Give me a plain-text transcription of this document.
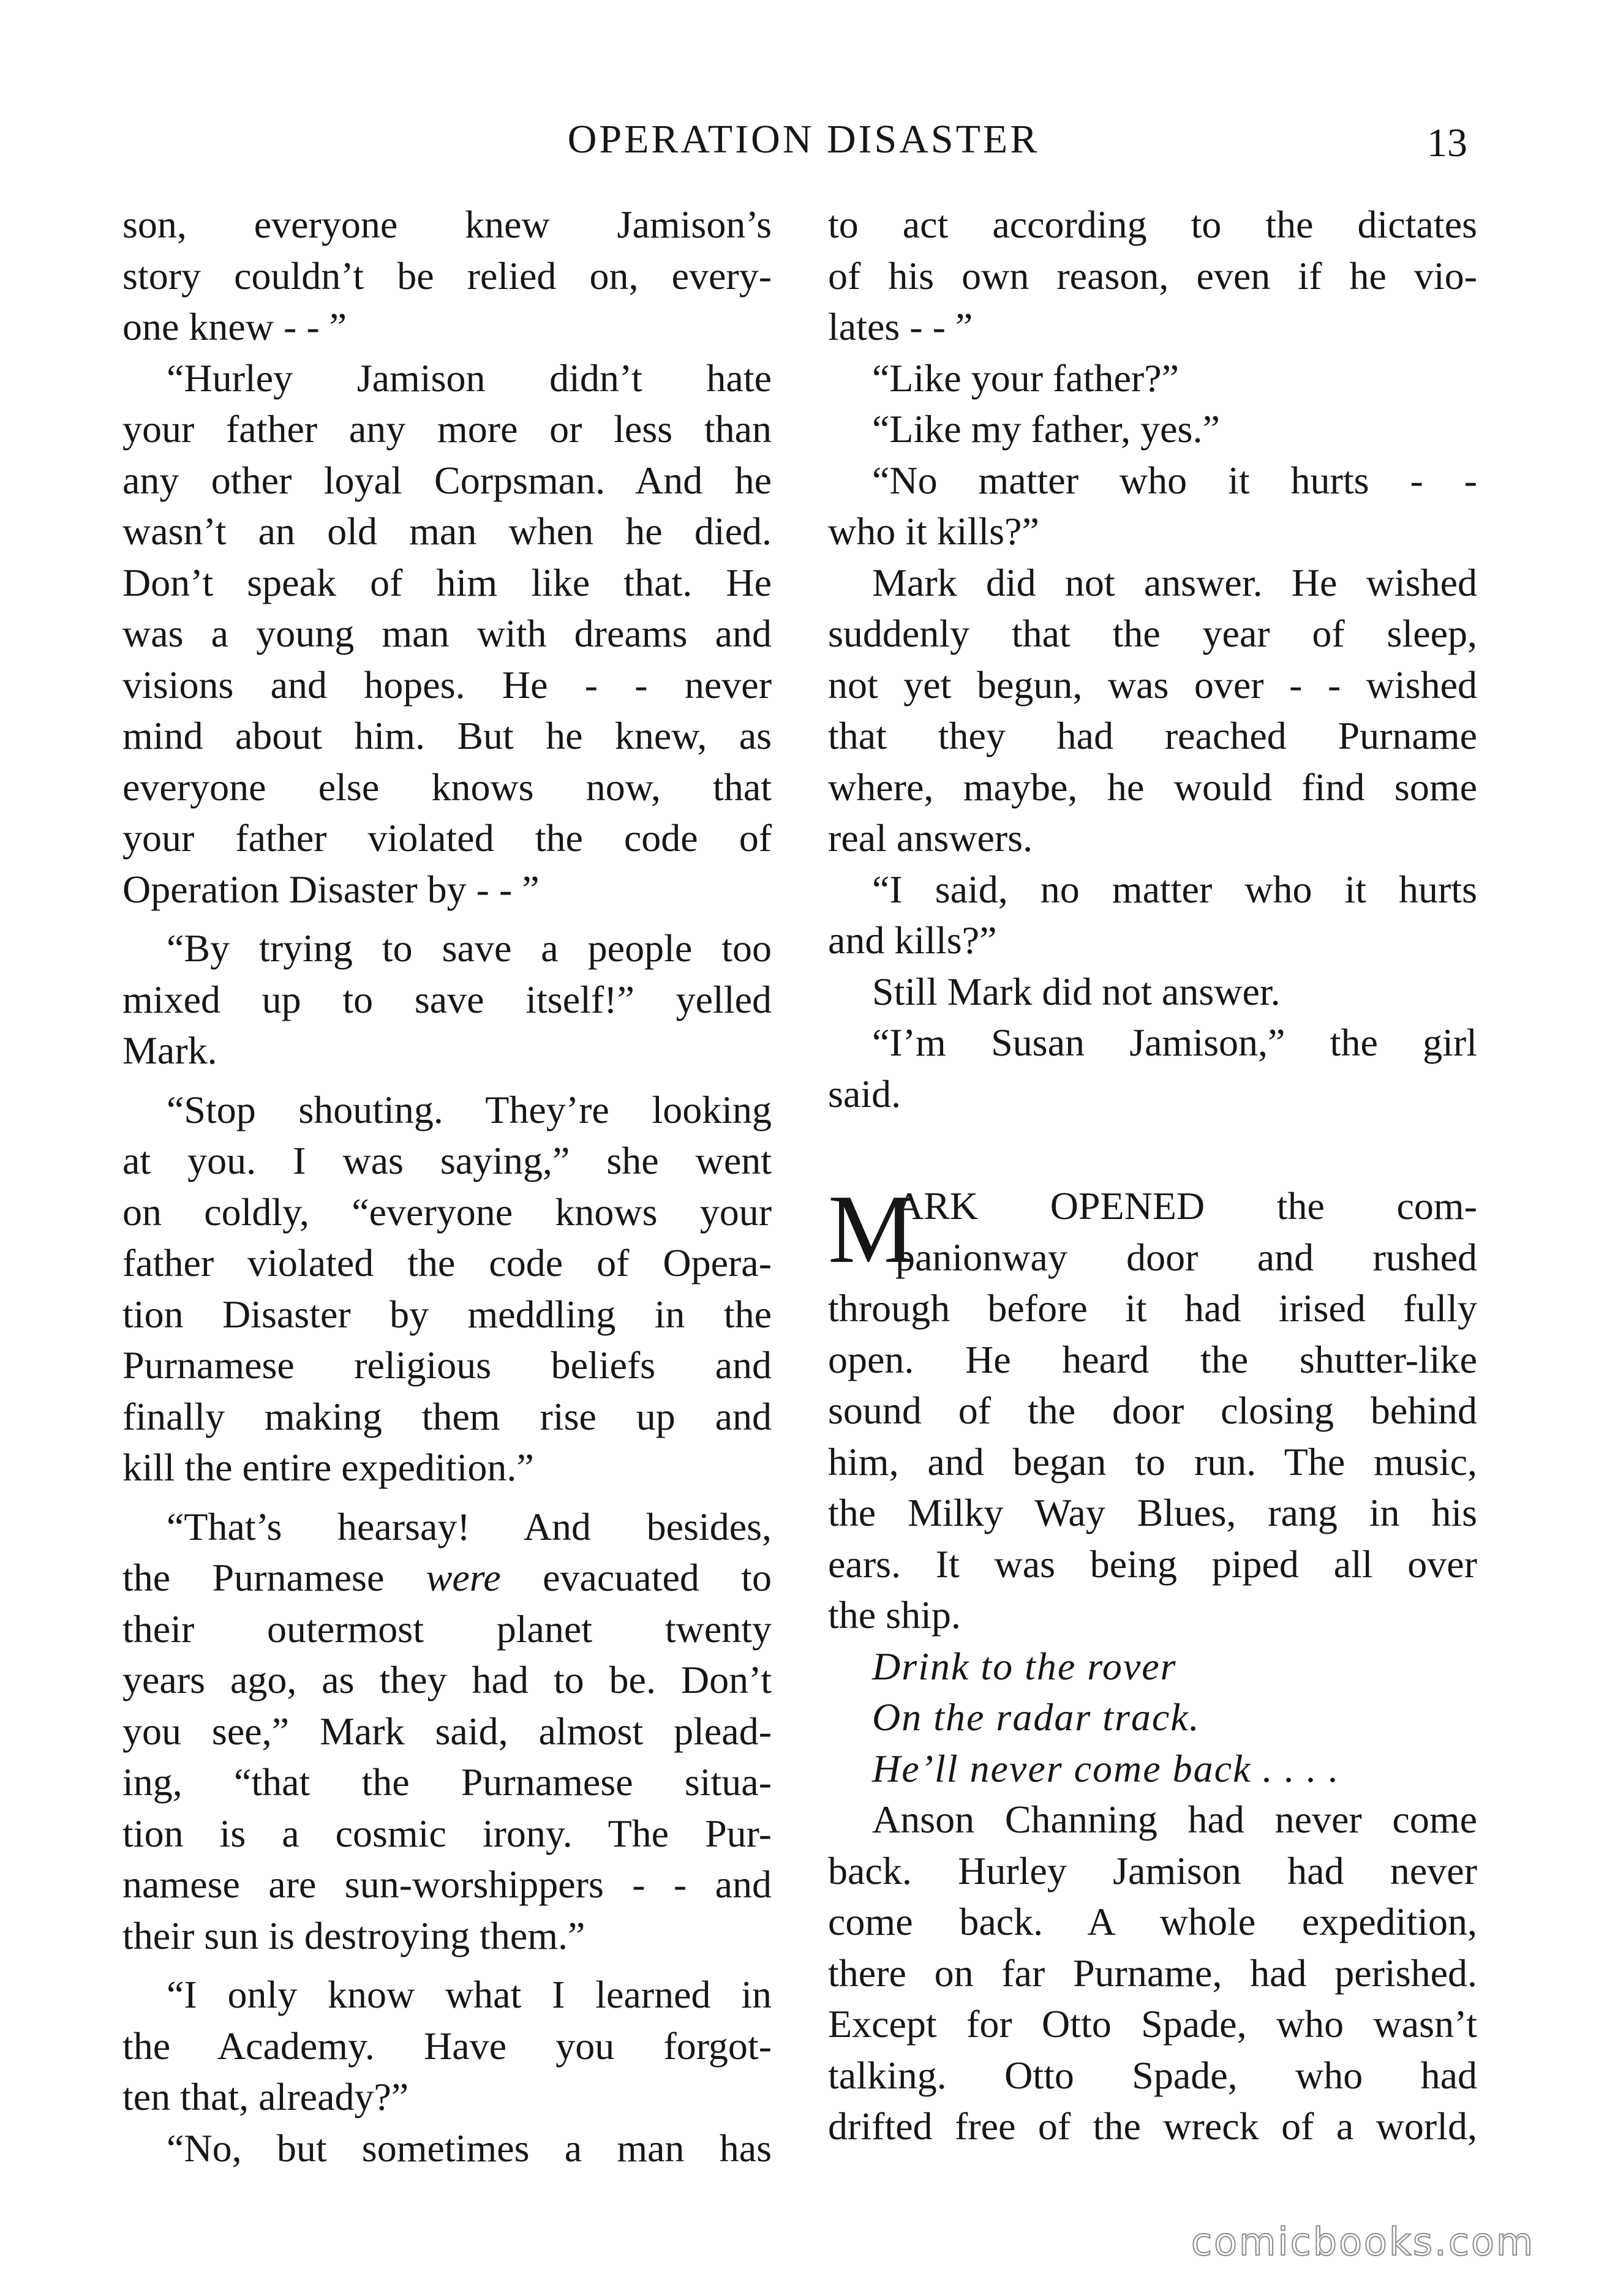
OPERATION DISASTER	13
son, everyone knew Jamison’s
story couldn’t be relied on, every-
one knew - - ”
“Hurley Jamison didn’t hate
your father any more or less than
any other loyal Corpsman. And he
wasn’t an old man when he died.
Don’t speak of him like that. He
was a young man with dreams and
visions and hopes. He - - never
mind about him. But he knew, as
everyone else knows now, that
your father violated the code of
Operation Disaster by - - ”
“By trying to save a people too
mixed up to save itself!” yelled
Mark.
“Stop shouting. They’re looking
at you. I was saying,” she went
on coldly, “everyone knows your
father violated the code of Opera-
tion Disaster by meddling in the
Purnamese religious beliefs and
finally making them rise up and
kill the entire expedition.”
“That’s hearsay! And besides,
the Purnamese were evacuated to
their outermost planet twenty
years ago, as they had to be. Don’t
you see,” Mark said, almost plead-
ing, “that the Purnamese situa-
tion is a cosmic irony. The Pur-
namese are sun-worshippers - - and
their sun is destroying them.”
“I only know what I learned in
the Academy. Have you forgot-
ten that, already?”
“No, but sometimes a man has
to act according to the dictates
of his own reason, even if he vio-
lates - - ”
“Like your father?”
“Like my father, yes.”
“No matter who it hurts - -
who it kills?”
Mark did not answer. He wished
suddenly that the year of sleep,
not yet begun, was over - - wished
that they had reached Purname
where, maybe, he would find some
real answers.
“I said, no matter who it hurts
and kills?”
Still Mark did not answer.
“I’m Susan Jamison,” the girl
said.
M
ARK OPENED the com-
panionway door and rushed
through before it had irised fully
open. He heard the shutter-like
sound of the door closing behind
him, and began to run. The music,
the Milky Way Blues, rang in his
ears. It was being piped all over
the ship.
Drink to the rover
On the radar track.
He’ll never come back . . . .
Anson Channing had never come
back. Hurley Jamison had never
come back. A whole expedition,
there on far Purname, had perished.
Except for Otto Spade, who wasn’t
talking. Otto Spade, who had
drifted free of the wreck of a world,
comicbooks.com
